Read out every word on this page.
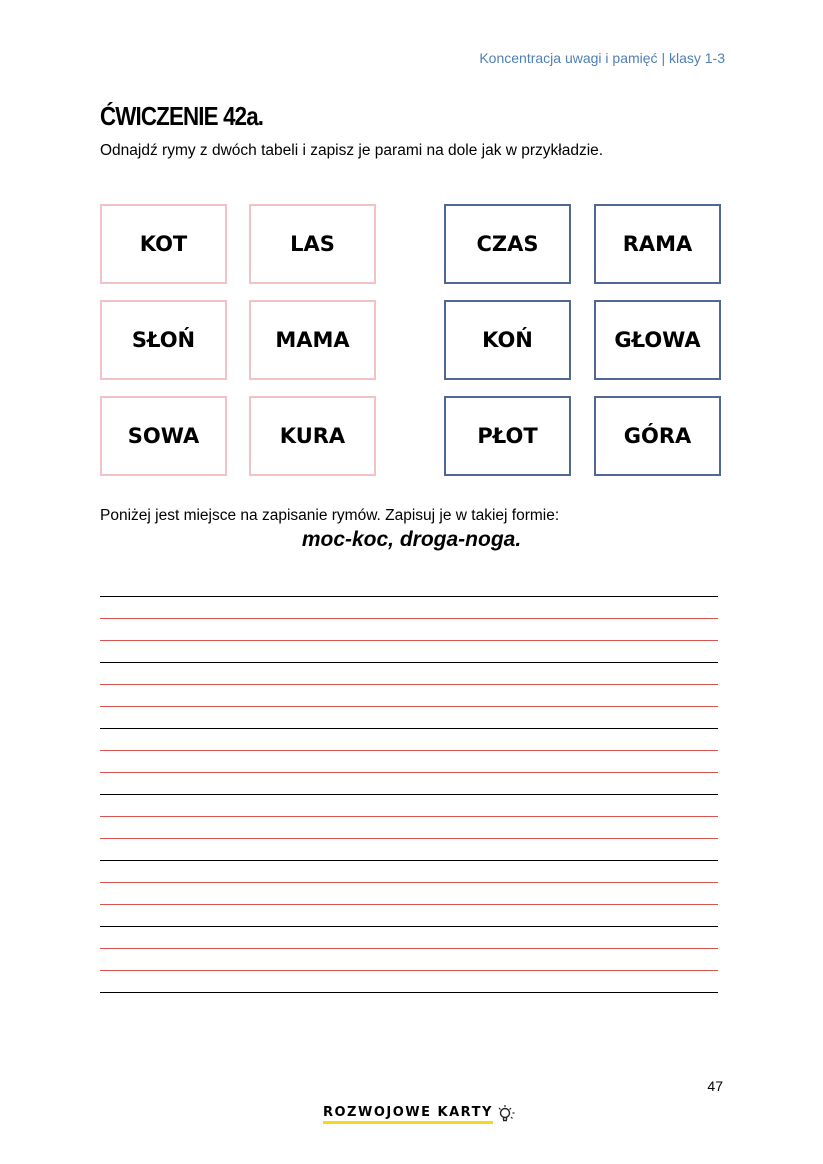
Koncentracja uwagi i pamięć | klasy 1-3
ĆWICZENIE 42a.
Odnajdź rymy z dwóch tabeli i zapisz je parami na dole jak w przykładzie.
KOT	LAS
SŁOŃ	MAMA
SOWA	KURA
CZAS	RAMA
KOŃ	GŁOWA
PŁOT	GÓRA
Poniżej jest miejsce na zapisanie rymów. Zapisuj je w takiej formie:
moc-koc, droga-noga.
47
ROZWOJOWE KARTY
